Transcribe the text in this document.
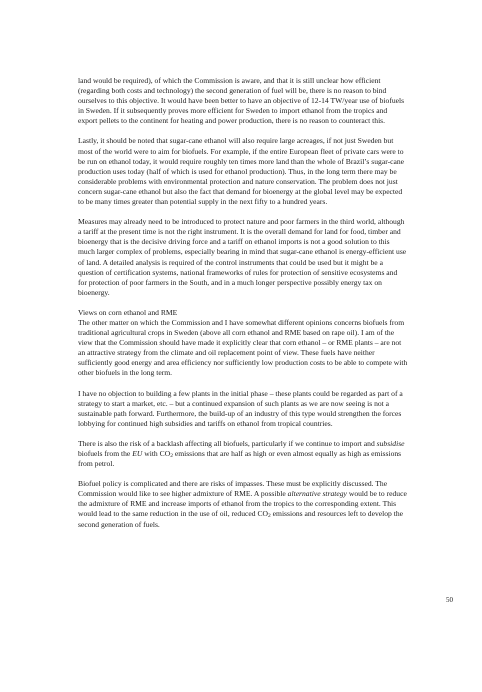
land would be required), of which the Commission is aware, and that it is still unclear how efficient (regarding both costs and technology) the second generation of fuel will be, there is no reason to bind ourselves to this objective. It would have been better to have an objective of 12-14 TW/year use of biofuels in Sweden. If it subsequently proves more efficient for Sweden to import ethanol from the tropics and export pellets to the continent for heating and power production, there is no reason to counteract this.

Lastly, it should be noted that sugar-cane ethanol will also require large acreages, if not just Sweden but most of the world were to aim for biofuels. For example, if the entire European fleet of private cars were to be run on ethanol today, it would require roughly ten times more land than the whole of Brazil’s sugar-cane production uses today (half of which is used for ethanol production). Thus, in the long term there may be considerable problems with environmental protection and nature conservation. The problem does not just concern sugar-cane ethanol but also the fact that demand for bioenergy at the global level may be expected to be many times greater than potential supply in the next fifty to a hundred years.

Measures may already need to be introduced to protect nature and poor farmers in the third world, although a tariff at the present time is not the right instrument. It is the overall demand for land for food, timber and bioenergy that is the decisive driving force and a tariff on ethanol imports is not a good solution to this much larger complex of problems, especially bearing in mind that sugar-cane ethanol is energy-efficient use of land. A detailed analysis is required of the control instruments that could be used but it might be a question of certification systems, national frameworks of rules for protection of sensitive ecosystems and for protection of poor farmers in the South, and in a much longer perspective possibly energy tax on bioenergy.

Views on corn ethanol and RME

The other matter on which the Commission and I have somewhat different opinions concerns biofuels from traditional agricultural crops in Sweden (above all corn ethanol and RME based on rape oil). I am of the view that the Commission should have made it explicitly clear that corn ethanol – or RME plants – are not an attractive strategy from the climate and oil replacement point of view. These fuels have neither sufficiently good energy and area efficiency nor sufficiently low production costs to be able to compete with other biofuels in the long term.

I have no objection to building a few plants in the initial phase – these plants could be regarded as part of a strategy to start a market, etc. – but a continued expansion of such plants as we are now seeing is not a sustainable path forward. Furthermore, the build-up of an industry of this type would strengthen the forces lobbying for continued high subsidies and tariffs on ethanol from tropical countries.

There is also the risk of a backlash affecting all biofuels, particularly if we continue to import and subsidise biofuels from the EU with $CO_2$ emissions that are half as high or even almost equally as high as emissions from petrol.

Biofuel policy is complicated and there are risks of impasses. These must be explicitly discussed. The Commission would like to see higher admixture of RME. A possible alternative strategy would be to reduce the admixture of RME and increase imports of ethanol from the tropics to the corresponding extent. This would lead to the same reduction in the use of oil, reduced $CO_2$ emissions and resources left to develop the second generation of fuels.

50
